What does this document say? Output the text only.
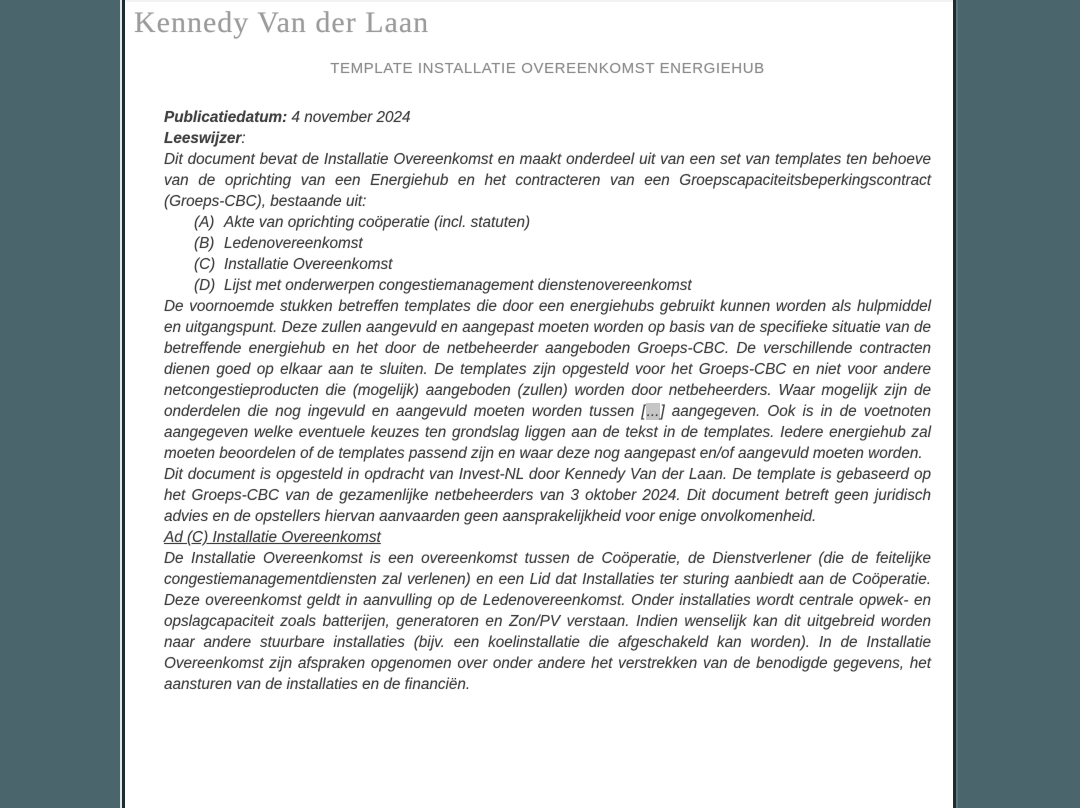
Kennedy Van der Laan
TEMPLATE INSTALLATIE OVEREENKOMST ENERGIEHUB

Publicatiedatum: 4 november 2024

Leeswijzer:

Dit document bevat de Installatie Overeenkomst en maakt onderdeel uit van een set van templates ten behoeve van de oprichting van een Energiehub en het contracteren van een Groepscapaciteitsbeperkingscontract (Groeps-CBC), bestaande uit:

(A) Akte van oprichting coöperatie (incl. statuten)
(B) Ledenovereenkomst
(C) Installatie Overeenkomst
(D) Lijst met onderwerpen congestiemanagement dienstenovereenkomst

De voornoemde stukken betreffen templates die door een energiehubs gebruikt kunnen worden als hulpmiddel en uitgangspunt. Deze zullen aangevuld en aangepast moeten worden op basis van de specifieke situatie van de betreffende energiehub en het door de netbeheerder aangeboden Groeps-CBC. De verschillende contracten dienen goed op elkaar aan te sluiten. De templates zijn opgesteld voor het Groeps-CBC en niet voor andere netcongestieproducten die (mogelijk) aangeboden (zullen) worden door netbeheerders. Waar mogelijk zijn de onderdelen die nog ingevuld en aangevuld moeten worden tussen [...] aangegeven. Ook is in de voetnoten aangegeven welke eventuele keuzes ten grondslag liggen aan de tekst in de templates. Iedere energiehub zal moeten beoordelen of de templates passend zijn en waar deze nog aangepast en/of aangevuld moeten worden.

Dit document is opgesteld in opdracht van Invest-NL door Kennedy Van der Laan. De template is gebaseerd op het Groeps-CBC van de gezamenlijke netbeheerders van 3 oktober 2024. Dit document betreft geen juridisch advies en de opstellers hiervan aanvaarden geen aansprakelijkheid voor enige onvolkomenheid.

Ad (C) Installatie Overeenkomst

De Installatie Overeenkomst is een overeenkomst tussen de Coöperatie, de Dienstverlener (die de feitelijke congestiemanagementdiensten zal verlenen) en een Lid dat Installaties ter sturing aanbiedt aan de Coöperatie. Deze overeenkomst geldt in aanvulling op de Ledenovereenkomst. Onder installaties wordt centrale opwek- en opslagcapaciteit zoals batterijen, generatoren en Zon/PV verstaan. Indien wenselijk kan dit uitgebreid worden naar andere stuurbare installaties (bijv. een koelinstallatie die afgeschakeld kan worden). In de Installatie Overeenkomst zijn afspraken opgenomen over onder andere het verstrekken van de benodigde gegevens, het aansturen van de installaties en de financiën.
